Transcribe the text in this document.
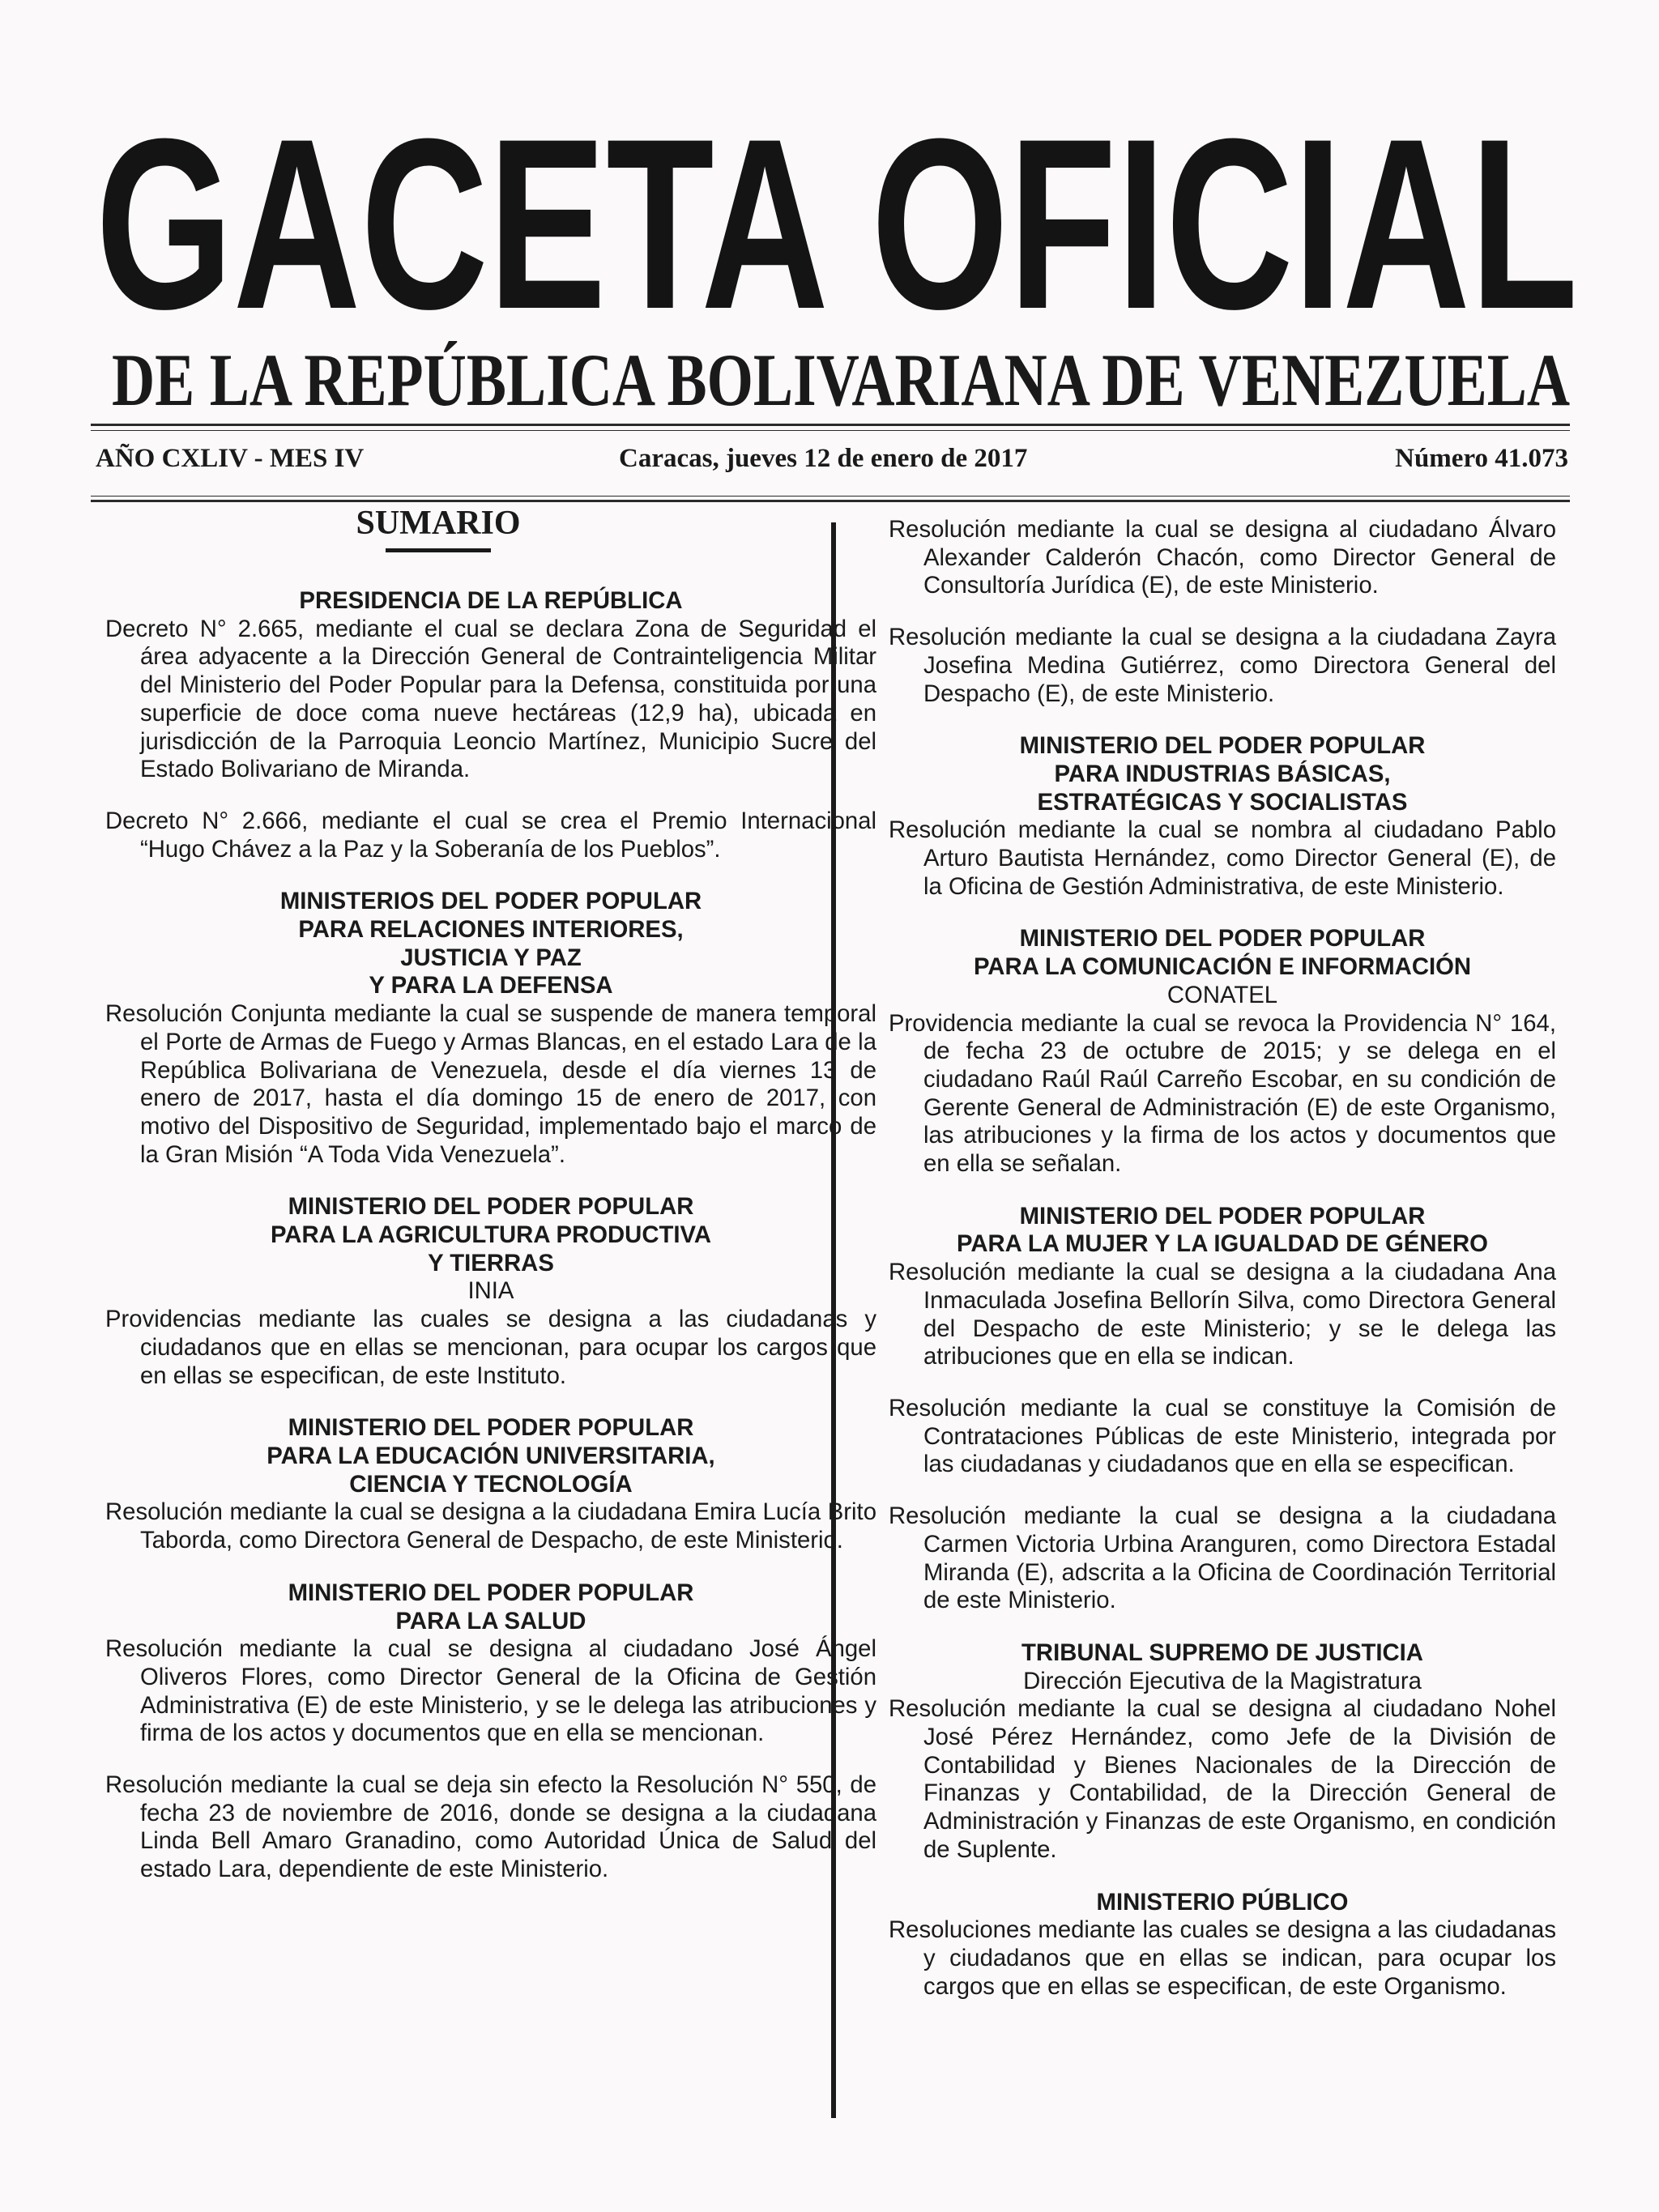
GACETA OFICIAL
DE LA REPÚBLICA BOLIVARIANA DE VENEZUELA
AÑO CXLIV - MES IV	Caracas, jueves 12 de enero de 2017	Número 41.073
SUMARIO
PRESIDENCIA DE LA REPÚBLICA

Decreto N° 2.665, mediante el cual se declara Zona de Seguridad el área adyacente a la Dirección General de Contrainteligencia Militar del Ministerio del Poder Popular para la Defensa, constituida por una superficie de doce coma nueve hectáreas (12,9 ha), ubicada en jurisdicción de la Parroquia Leoncio Martínez, Municipio Sucre del Estado Bolivariano de Miranda.

Decreto N° 2.666, mediante el cual se crea el Premio Internacional “Hugo Chávez a la Paz y la Soberanía de los Pueblos”.

MINISTERIOS DEL PODER POPULAR
PARA RELACIONES INTERIORES,
JUSTICIA Y PAZ
Y PARA LA DEFENSA

Resolución Conjunta mediante la cual se suspende de manera temporal el Porte de Armas de Fuego y Armas Blancas, en el estado Lara de la República Bolivariana de Venezuela, desde el día viernes 13 de enero de 2017, hasta el día domingo 15 de enero de 2017, con motivo del Dispositivo de Seguridad, implementado bajo el marco de la Gran Misión “A Toda Vida Venezuela”.

MINISTERIO DEL PODER POPULAR
PARA LA AGRICULTURA PRODUCTIVA
Y TIERRAS
INIA

Providencias mediante las cuales se designa a las ciudadanas y ciudadanos que en ellas se mencionan, para ocupar los cargos que en ellas se especifican, de este Instituto.

MINISTERIO DEL PODER POPULAR
PARA LA EDUCACIÓN UNIVERSITARIA,
CIENCIA Y TECNOLOGÍA

Resolución mediante la cual se designa a la ciudadana Emira Lucía Brito Taborda, como Directora General de Despacho, de este Ministerio.

MINISTERIO DEL PODER POPULAR
PARA LA SALUD

Resolución mediante la cual se designa al ciudadano José Ángel Oliveros Flores, como Director General de la Oficina de Gestión Administrativa (E) de este Ministerio, y se le delega las atribuciones y firma de los actos y documentos que en ella se mencionan.

Resolución mediante la cual se deja sin efecto la Resolución N° 550, de fecha 23 de noviembre de 2016, donde se designa a la ciudadana Linda Bell Amaro Granadino, como Autoridad Única de Salud del estado Lara, dependiente de este Ministerio.

Resolución mediante la cual se designa al ciudadano Álvaro Alexander Calderón Chacón, como Director General de Consultoría Jurídica (E), de este Ministerio.

Resolución mediante la cual se designa a la ciudadana Zayra Josefina Medina Gutiérrez, como Directora General del Despacho (E), de este Ministerio.

MINISTERIO DEL PODER POPULAR
PARA INDUSTRIAS BÁSICAS,
ESTRATÉGICAS Y SOCIALISTAS

Resolución mediante la cual se nombra al ciudadano Pablo Arturo Bautista Hernández, como Director General (E), de la Oficina de Gestión Administrativa, de este Ministerio.

MINISTERIO DEL PODER POPULAR
PARA LA COMUNICACIÓN E INFORMACIÓN
CONATEL

Providencia mediante la cual se revoca la Providencia N° 164, de fecha 23 de octubre de 2015; y se delega en el ciudadano Raúl Raúl Carreño Escobar, en su condición de Gerente General de Administración (E) de este Organismo, las atribuciones y la firma de los actos y documentos que en ella se señalan.

MINISTERIO DEL PODER POPULAR
PARA LA MUJER Y LA IGUALDAD DE GÉNERO

Resolución mediante la cual se designa a la ciudadana Ana Inmaculada Josefina Bellorín Silva, como Directora General del Despacho de este Ministerio; y se le delega las atribuciones que en ella se indican.

Resolución mediante la cual se constituye la Comisión de Contrataciones Públicas de este Ministerio, integrada por las ciudadanas y ciudadanos que en ella se especifican.

Resolución mediante la cual se designa a la ciudadana Carmen Victoria Urbina Aranguren, como Directora Estadal Miranda (E), adscrita a la Oficina de Coordinación Territorial de este Ministerio.

TRIBUNAL SUPREMO DE JUSTICIA
Dirección Ejecutiva de la Magistratura

Resolución mediante la cual se designa al ciudadano Nohel José Pérez Hernández, como Jefe de la División de Contabilidad y Bienes Nacionales de la Dirección de Finanzas y Contabilidad, de la Dirección General de Administración y Finanzas de este Organismo, en condición de Suplente.

MINISTERIO PÚBLICO

Resoluciones mediante las cuales se designa a las ciudadanas y ciudadanos que en ellas se indican, para ocupar los cargos que en ellas se especifican, de este Organismo.
